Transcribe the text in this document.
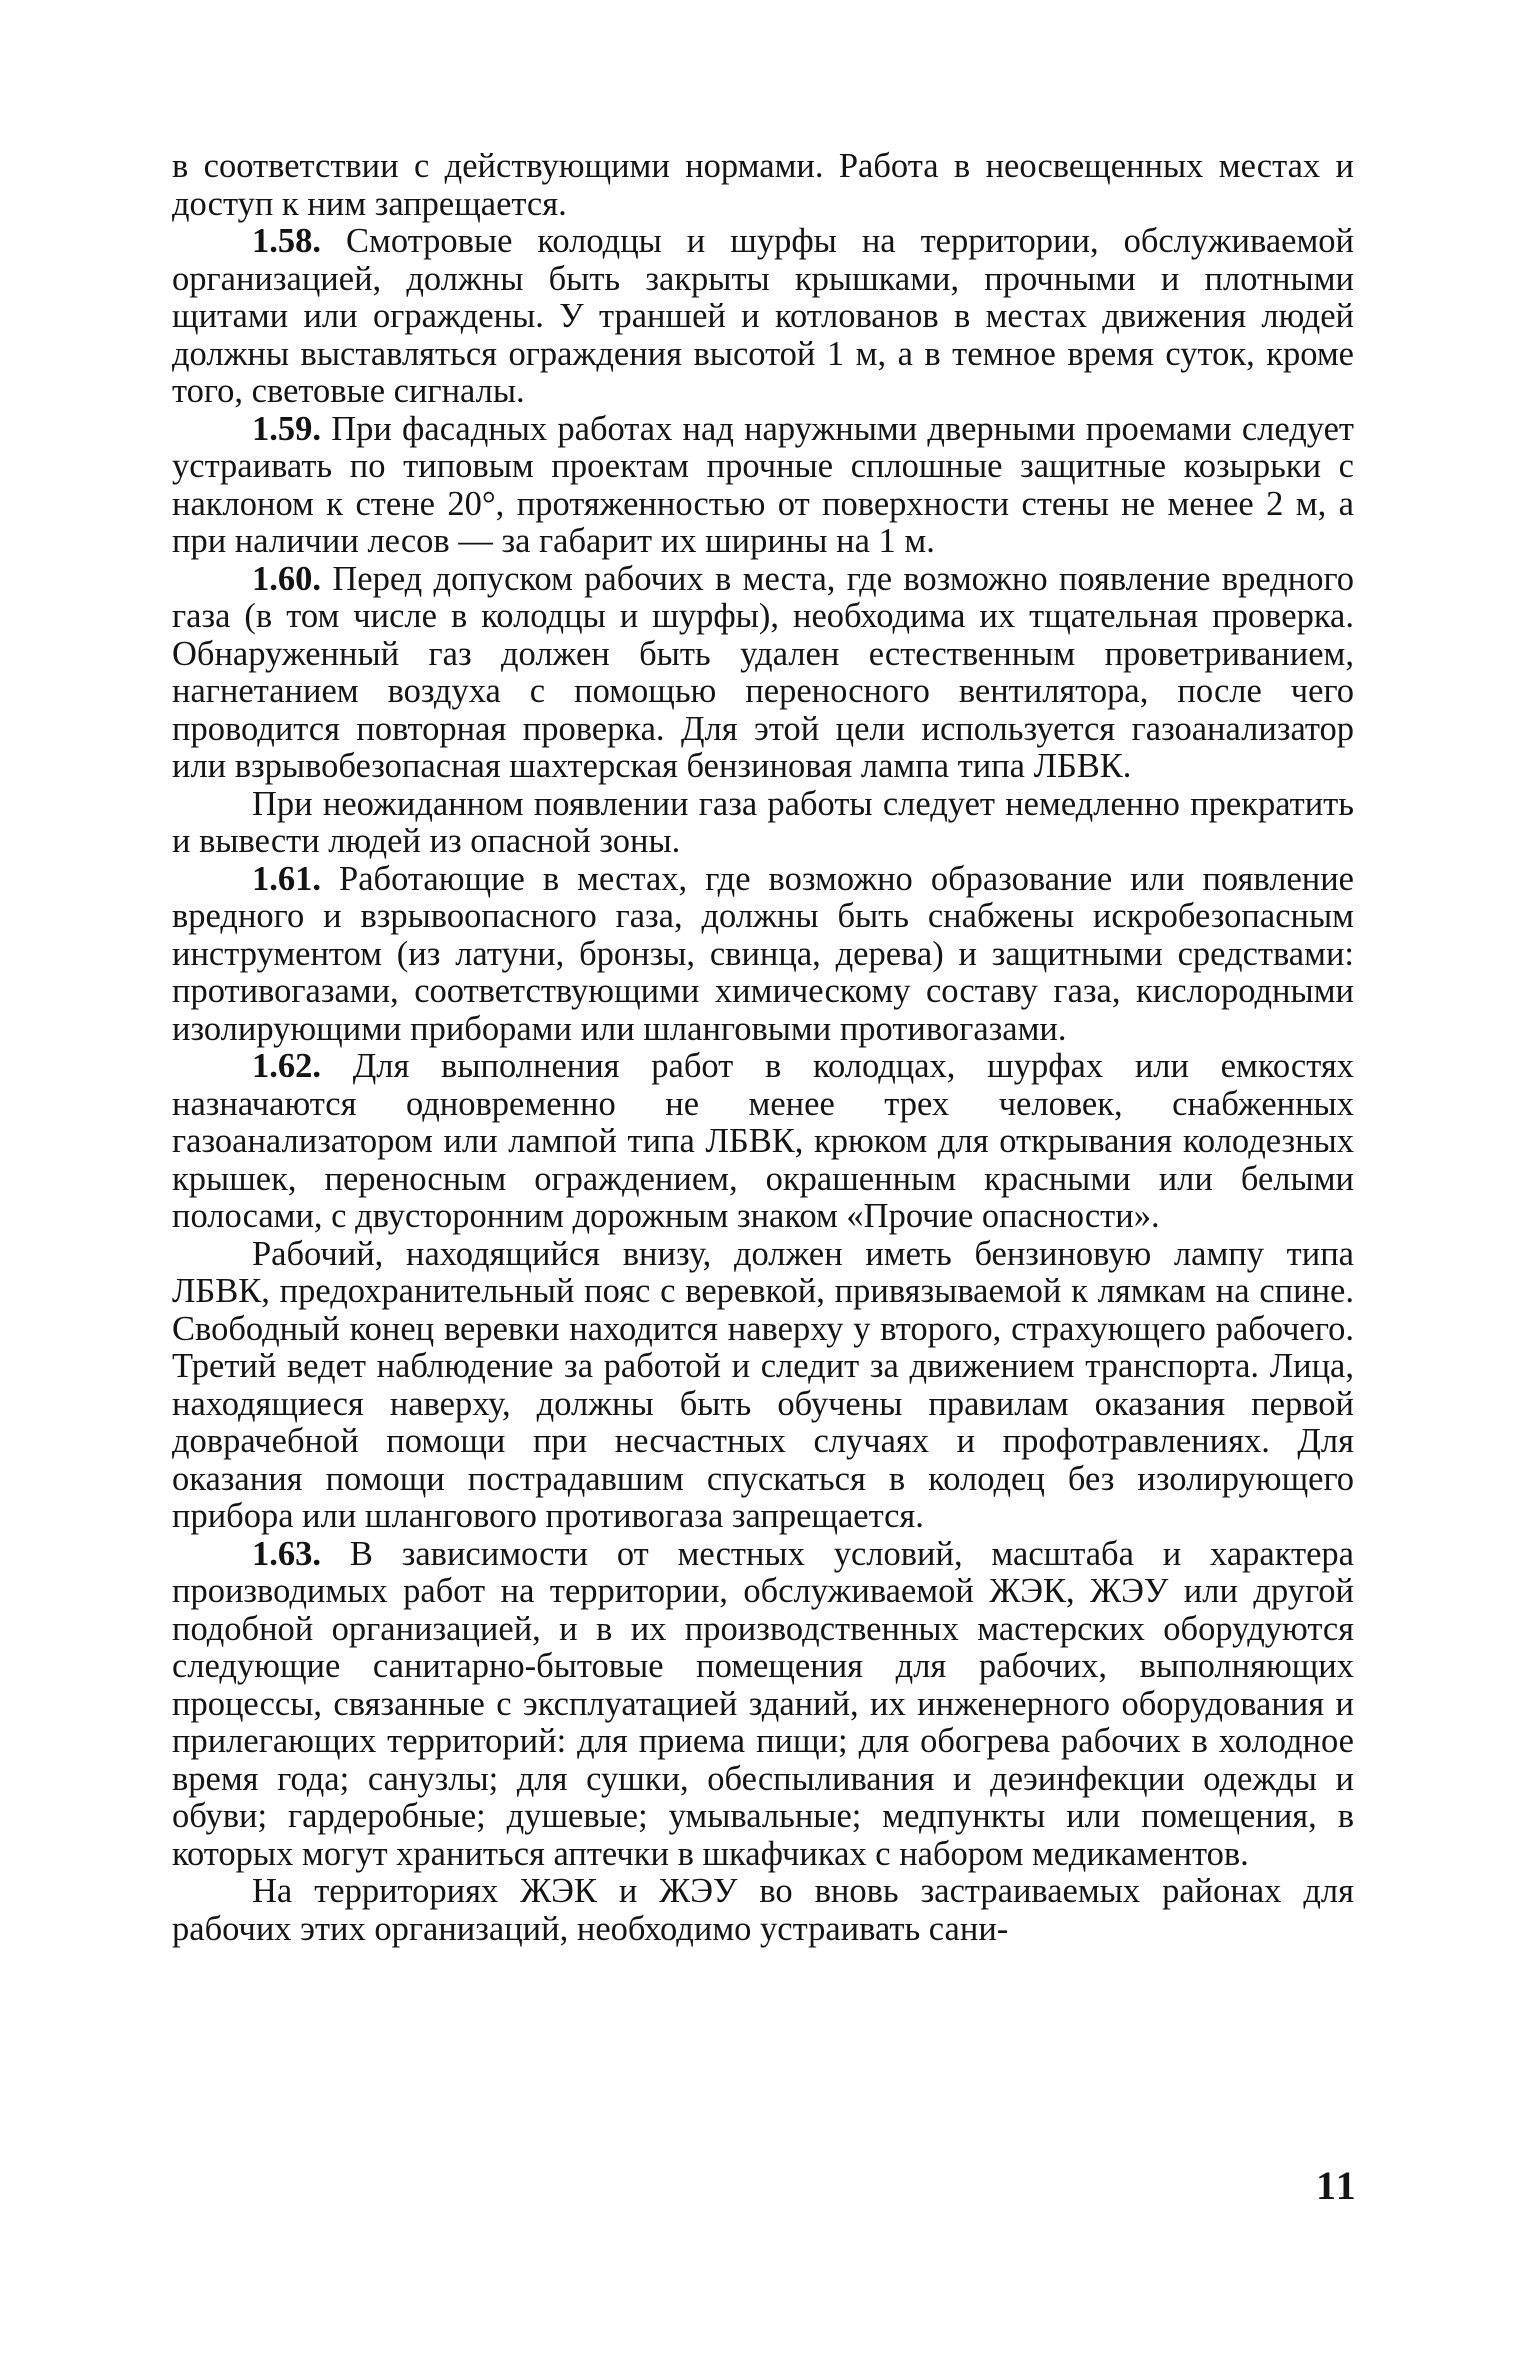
в соответствии с действующими нормами. Работа в неосвещенных местах и доступ к ним запрещается.

1.58. Смотровые колодцы и шурфы на территории, обслуживаемой организацией, должны быть закрыты крышками, прочными и плотными щитами или ограждены. У траншей и котлованов в местах движения людей должны выставляться ограждения высотой 1 м, а в темное время суток, кроме того, световые сигналы.

1.59. При фасадных работах над наружными дверными проемами следует устраивать по типовым проектам прочные сплошные защитные козырьки с наклоном к стене 20°, протяженностью от поверхности стены не менее 2 м, а при наличии лесов — за габарит их ширины на 1 м.

1.60. Перед допуском рабочих в места, где возможно появление вредного газа (в том числе в колодцы и шурфы), необходима их тщательная проверка. Обнаруженный газ должен быть удален естественным проветриванием, нагнетанием воздуха с помощью переносного вентилятора, после чего проводится повторная проверка. Для этой цели используется газоанализатор или взрывобезопасная шахтерская бензиновая лампа типа ЛБВК.

При неожиданном появлении газа работы следует немедленно прекратить и вывести людей из опасной зоны.

1.61. Работающие в местах, где возможно образование или появление вредного и взрывоопасного газа, должны быть снабжены искробезопасным инструментом (из латуни, бронзы, свинца, дерева) и защитными средствами: противогазами, соответствующими химическому составу газа, кислородными изолирующими приборами или шланговыми противогазами.

1.62. Для выполнения работ в колодцах, шурфах или емкостях назначаются одновременно не менее трех человек, снабженных газоанализатором или лампой типа ЛБВК, крюком для открывания колодезных крышек, переносным ограждением, окрашенным красными или белыми полосами, с двусторонним дорожным знаком «Прочие опасности».

Рабочий, находящийся внизу, должен иметь бензиновую лампу типа ЛБВК, предохранительный пояс с веревкой, привязываемой к лямкам на спине. Свободный конец веревки находится наверху у второго, страхующего рабочего. Третий ведет наблюдение за работой и следит за движением транспорта. Лица, находящиеся наверху, должны быть обучены правилам оказания первой доврачебной помощи при несчастных случаях и профотравлениях. Для оказания помощи пострадавшим спускаться в колодец без изолирующего прибора или шлангового противогаза запрещается.

1.63. В зависимости от местных условий, масштаба и характера производимых работ на территории, обслуживаемой ЖЭК, ЖЭУ или другой подобной организацией, и в их производственных мастерских оборудуются следующие санитарно-бытовые помещения для рабочих, выполняющих процессы, связанные с эксплуатацией зданий, их инженерного оборудования и прилегающих территорий: для приема пищи; для обогрева рабочих в холодное время года; санузлы; для сушки, обеспыливания и деэинфекции одежды и обуви; гардеробные; душевые; умывальные; медпункты или помещения, в которых могут храниться аптечки в шкафчиках с набором медикаментов.

На территориях ЖЭК и ЖЭУ во вновь застраиваемых районах для рабочих этих организаций, необходимо устраивать сани-

11
